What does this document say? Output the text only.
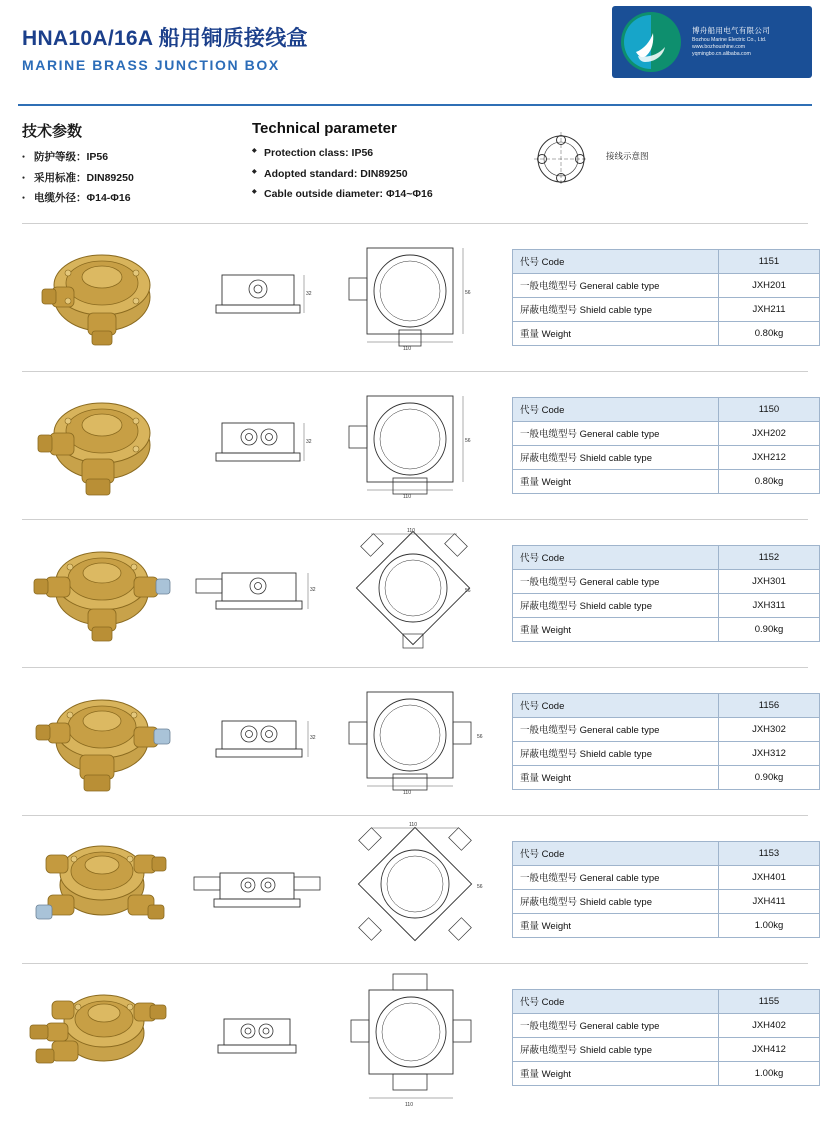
HNA10A/16A 船用铜质接线盒
MARINE BRASS JUNCTION BOX
博舟船用电气有限公司
Bozhou Marine Electric Co., Ltd.
www.bozhoushine.com
yqmingbo.cn.alibaba.com
技术参数
● 防护等级：IP56
● 采用标准：DIN89250
● 电缆外径：Φ14-Φ16
Technical parameter
◆ Protection class: IP56
◆ Adopted standard: DIN89250
◆ Cable outside diameter: Φ14~Φ16
接线示意图
32
110
56
代号 Code	1151
一般电缆型号 General cable type	JXH201
屏蔽电缆型号 Shield cable type	JXH211
重量 Weight	0.80kg
32
110
56
代号 Code	1150
一般电缆型号 General cable type	JXH202
屏蔽电缆型号 Shield cable type	JXH212
重量 Weight	0.80kg
32
110
56
代号 Code	1152
一般电缆型号 General cable type	JXH301
屏蔽电缆型号 Shield cable type	JXH311
重量 Weight	0.90kg
32
110
56
代号 Code	1156
一般电缆型号 General cable type	JXH302
屏蔽电缆型号 Shield cable type	JXH312
重量 Weight	0.90kg
110
56
代号 Code	1153
一般电缆型号 General cable type	JXH401
屏蔽电缆型号 Shield cable type	JXH411
重量 Weight	1.00kg
110
代号 Code	1155
一般电缆型号 General cable type	JXH402
屏蔽电缆型号 Shield cable type	JXH412
重量 Weight	1.00kg
